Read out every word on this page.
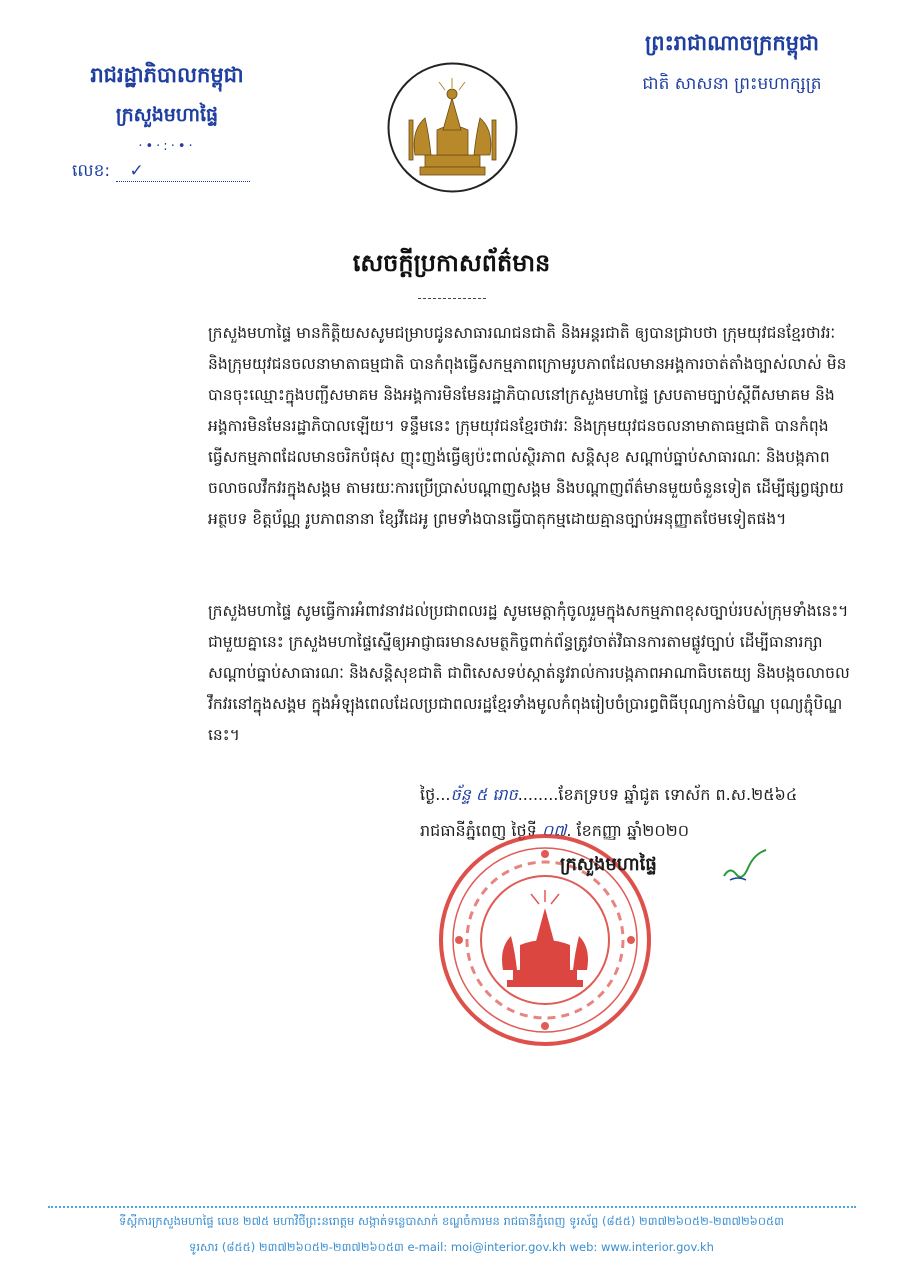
រាជរដ្ឋាភិបាលកម្ពុជា
ក្រសួងមហាផ្ទៃ
·•·:·•·
លេខ: ✓
ព្រះរាជាណាចក្រកម្ពុជា
ជាតិ សាសនា ព្រះមហាក្សត្រ
សេចក្តីប្រកាសព័ត៌មាន
ក្រសួងមហាផ្ទៃ មានកិត្តិយសសូមជម្រាបជូនសាធារណជនជាតិ និងអន្តរជាតិ ឲ្យបានជ្រាបថា ក្រុមយុវជនខ្មែរថាវរៈ និងក្រុមយុវជនចលនាមាតាធម្មជាតិ បានកំពុងធ្វើសកម្មភាពក្រោមរូបភាពដែលមានអង្គការចាត់តាំងច្បាស់លាស់ មិនបានចុះឈ្មោះក្នុងបញ្ជីសមាគម និងអង្គការមិនមែនរដ្ឋាភិបាលនៅក្រសួងមហាផ្ទៃ ស្របតាមច្បាប់ស្តីពីសមាគម និងអង្គការមិនមែនរដ្ឋាភិបាលឡើយ។ ទន្ទឹមនេះ ក្រុមយុវជនខ្មែរថាវរៈ និងក្រុមយុវជនចលនាមាតាធម្មជាតិ បានកំពុងធ្វើសកម្មភាពដែលមានចរិកបំផុស ញុះញង់ធ្វើឲ្យប៉ះពាល់ស្ថិរភាព សន្តិសុខ សណ្តាប់ធ្នាប់សាធារណៈ និងបង្កភាពចលាចលវឹកវរក្នុងសង្គម តាមរយៈការប្រើប្រាស់បណ្តាញសង្គម និងបណ្តាញព័ត៌មានមួយចំនួនទៀត ដើម្បីផ្សព្វផ្សាយអត្ថបទ ខិត្តប័ណ្ណ រូបភាពនានា ខ្សែវីដេអូ ព្រមទាំងបានធ្វើបាតុកម្មដោយគ្មានច្បាប់អនុញ្ញាតថែមទៀតផង។
ក្រសួងមហាផ្ទៃ សូមធ្វើការអំពាវនាវដល់ប្រជាពលរដ្ឋ សូមមេត្តាកុំចូលរួមក្នុងសកម្មភាពខុសច្បាប់របស់ក្រុមទាំងនេះ។ ជាមួយគ្នានេះ ក្រសួងមហាផ្ទៃស្នើឲ្យអាជ្ញាធរមានសមត្ថកិច្ចពាក់ព័ន្ធត្រូវចាត់វិធានការតាមផ្លូវច្បាប់ ដើម្បីធានារក្សាសណ្តាប់ធ្នាប់សាធារណៈ និងសន្តិសុខជាតិ ជាពិសេសទប់ស្កាត់នូវរាល់ការបង្កភាពអាណាធិបតេយ្យ និងបង្កចលាចលវឹកវរនៅក្នុងសង្គម ក្នុងអំឡុងពេលដែលប្រជាពលរដ្ឋខ្មែរទាំងមូលកំពុងរៀបចំប្រារព្ធពិធីបុណ្យកាន់បិណ្ឌ បុណ្យភ្ជុំបិណ្ឌនេះ។
ថ្ងៃ...ច័ន្ទ ៥ រោច........ខែភទ្របទ ឆ្នាំជូត ទោស័ក ព.ស.២៥៦៤
រាជធានីភ្នំពេញ ថ្ងៃទី ០៧. ខែកញ្ញា ឆ្នាំ២០២០
ក្រសួងមហាផ្ទៃ
ទីស្តីការក្រសួងមហាផ្ទៃ លេខ ២៧៥ មហាវិថីព្រះនរោត្តម សង្កាត់ទន្លេបាសាក់ ខណ្ឌចំការមន រាជធានីភ្នំពេញ ទូរស័ព្ទ (៨៥៥) ២៣៧២៦០៥២-២៣៧២៦០៥៣
ទូរសារ (៨៥៥) ២៣៧២៦០៥២-២៣៧២៦០៥៣ e-mail: moi@interior.gov.kh web: www.interior.gov.kh
